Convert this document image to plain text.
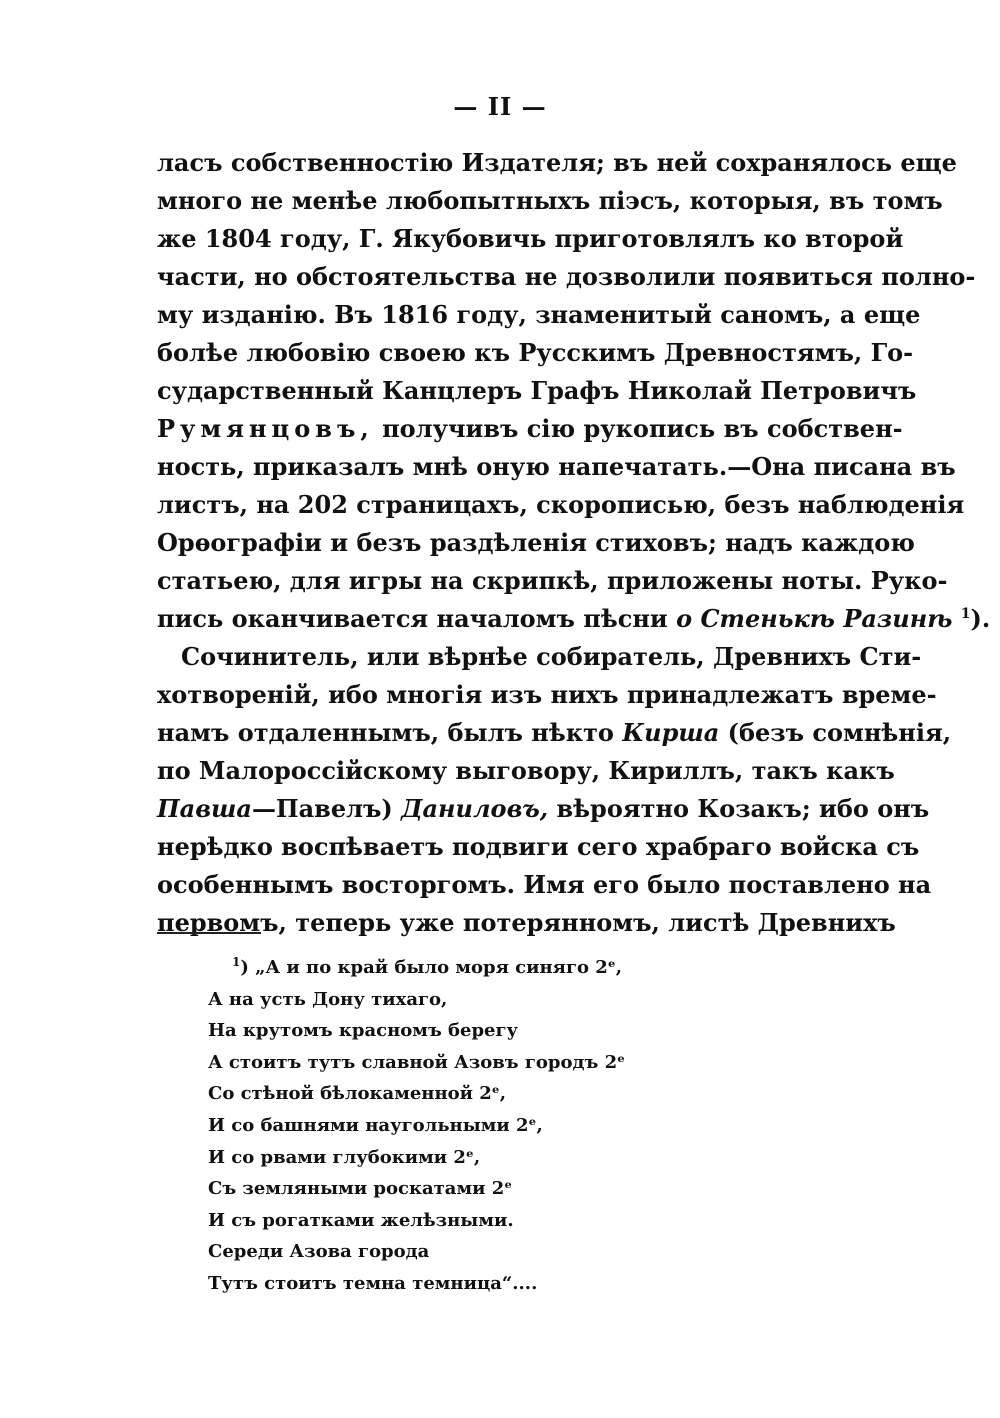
— II —
ласъ собственностію Издателя; въ ней сохранялось еще
много не менѣе любопытныхъ піэсъ, которыя, въ томъ
же 1804 году, Г. Якубовичь приготовлялъ ко второй
части, но обстоятельства не дозволили появиться полно-
му изданію. Въ 1816 году, знаменитый саномъ, а еще
болѣе любовію своею къ Русскимъ Древностямъ, Го-
сударственный Канцлеръ Графъ Николай Петровичъ
Румянцовъ, получивъ сію рукопись въ собствен-
ность, приказалъ мнѣ оную напечатать.—Она писана въ
листъ, на 202 страницахъ, скорописью, безъ наблюденія
Орѳографіи и безъ раздѣленія стиховъ; надъ каждою
статьею, для игры на скрипкѣ, приложены ноты. Руко-
пись оканчивается началомъ пѣсни о Стенькѣ Разинѣ $^1$).
Сочинитель, или вѣрнѣе собиратель, Древнихъ Сти-
хотвореній, ибо многія изъ нихъ принадлежатъ време-
намъ отдаленнымъ, былъ нѣкто Кирша (безъ сомнѣнія,
по Малороссійскому выговору, Кириллъ, такъ какъ
Павша—Павелъ) Даниловъ, вѣроятно Козакъ; ибо онъ
нерѣдко воспѣваетъ подвиги сего храбраго войска съ
особеннымъ восторгомъ. Имя его было поставлено на
первомъ, теперь уже потерянномъ, листѣ Древнихъ
$^1$) „А и по край было моря синяго 2ᵉ,
А на усть Дону тихаго,
На крутомъ красномъ берегу
А стоитъ тутъ славной Азовъ городъ 2ᵉ
Со стѣной бѣлокаменной 2ᵉ,
И со башнями наугольными 2ᵉ,
И со рвами глубокими 2ᵉ,
Съ земляными роскатами 2ᵉ
И съ рогатками желѣзными.
Середи Азова города
Тутъ стоитъ темна темница“....
